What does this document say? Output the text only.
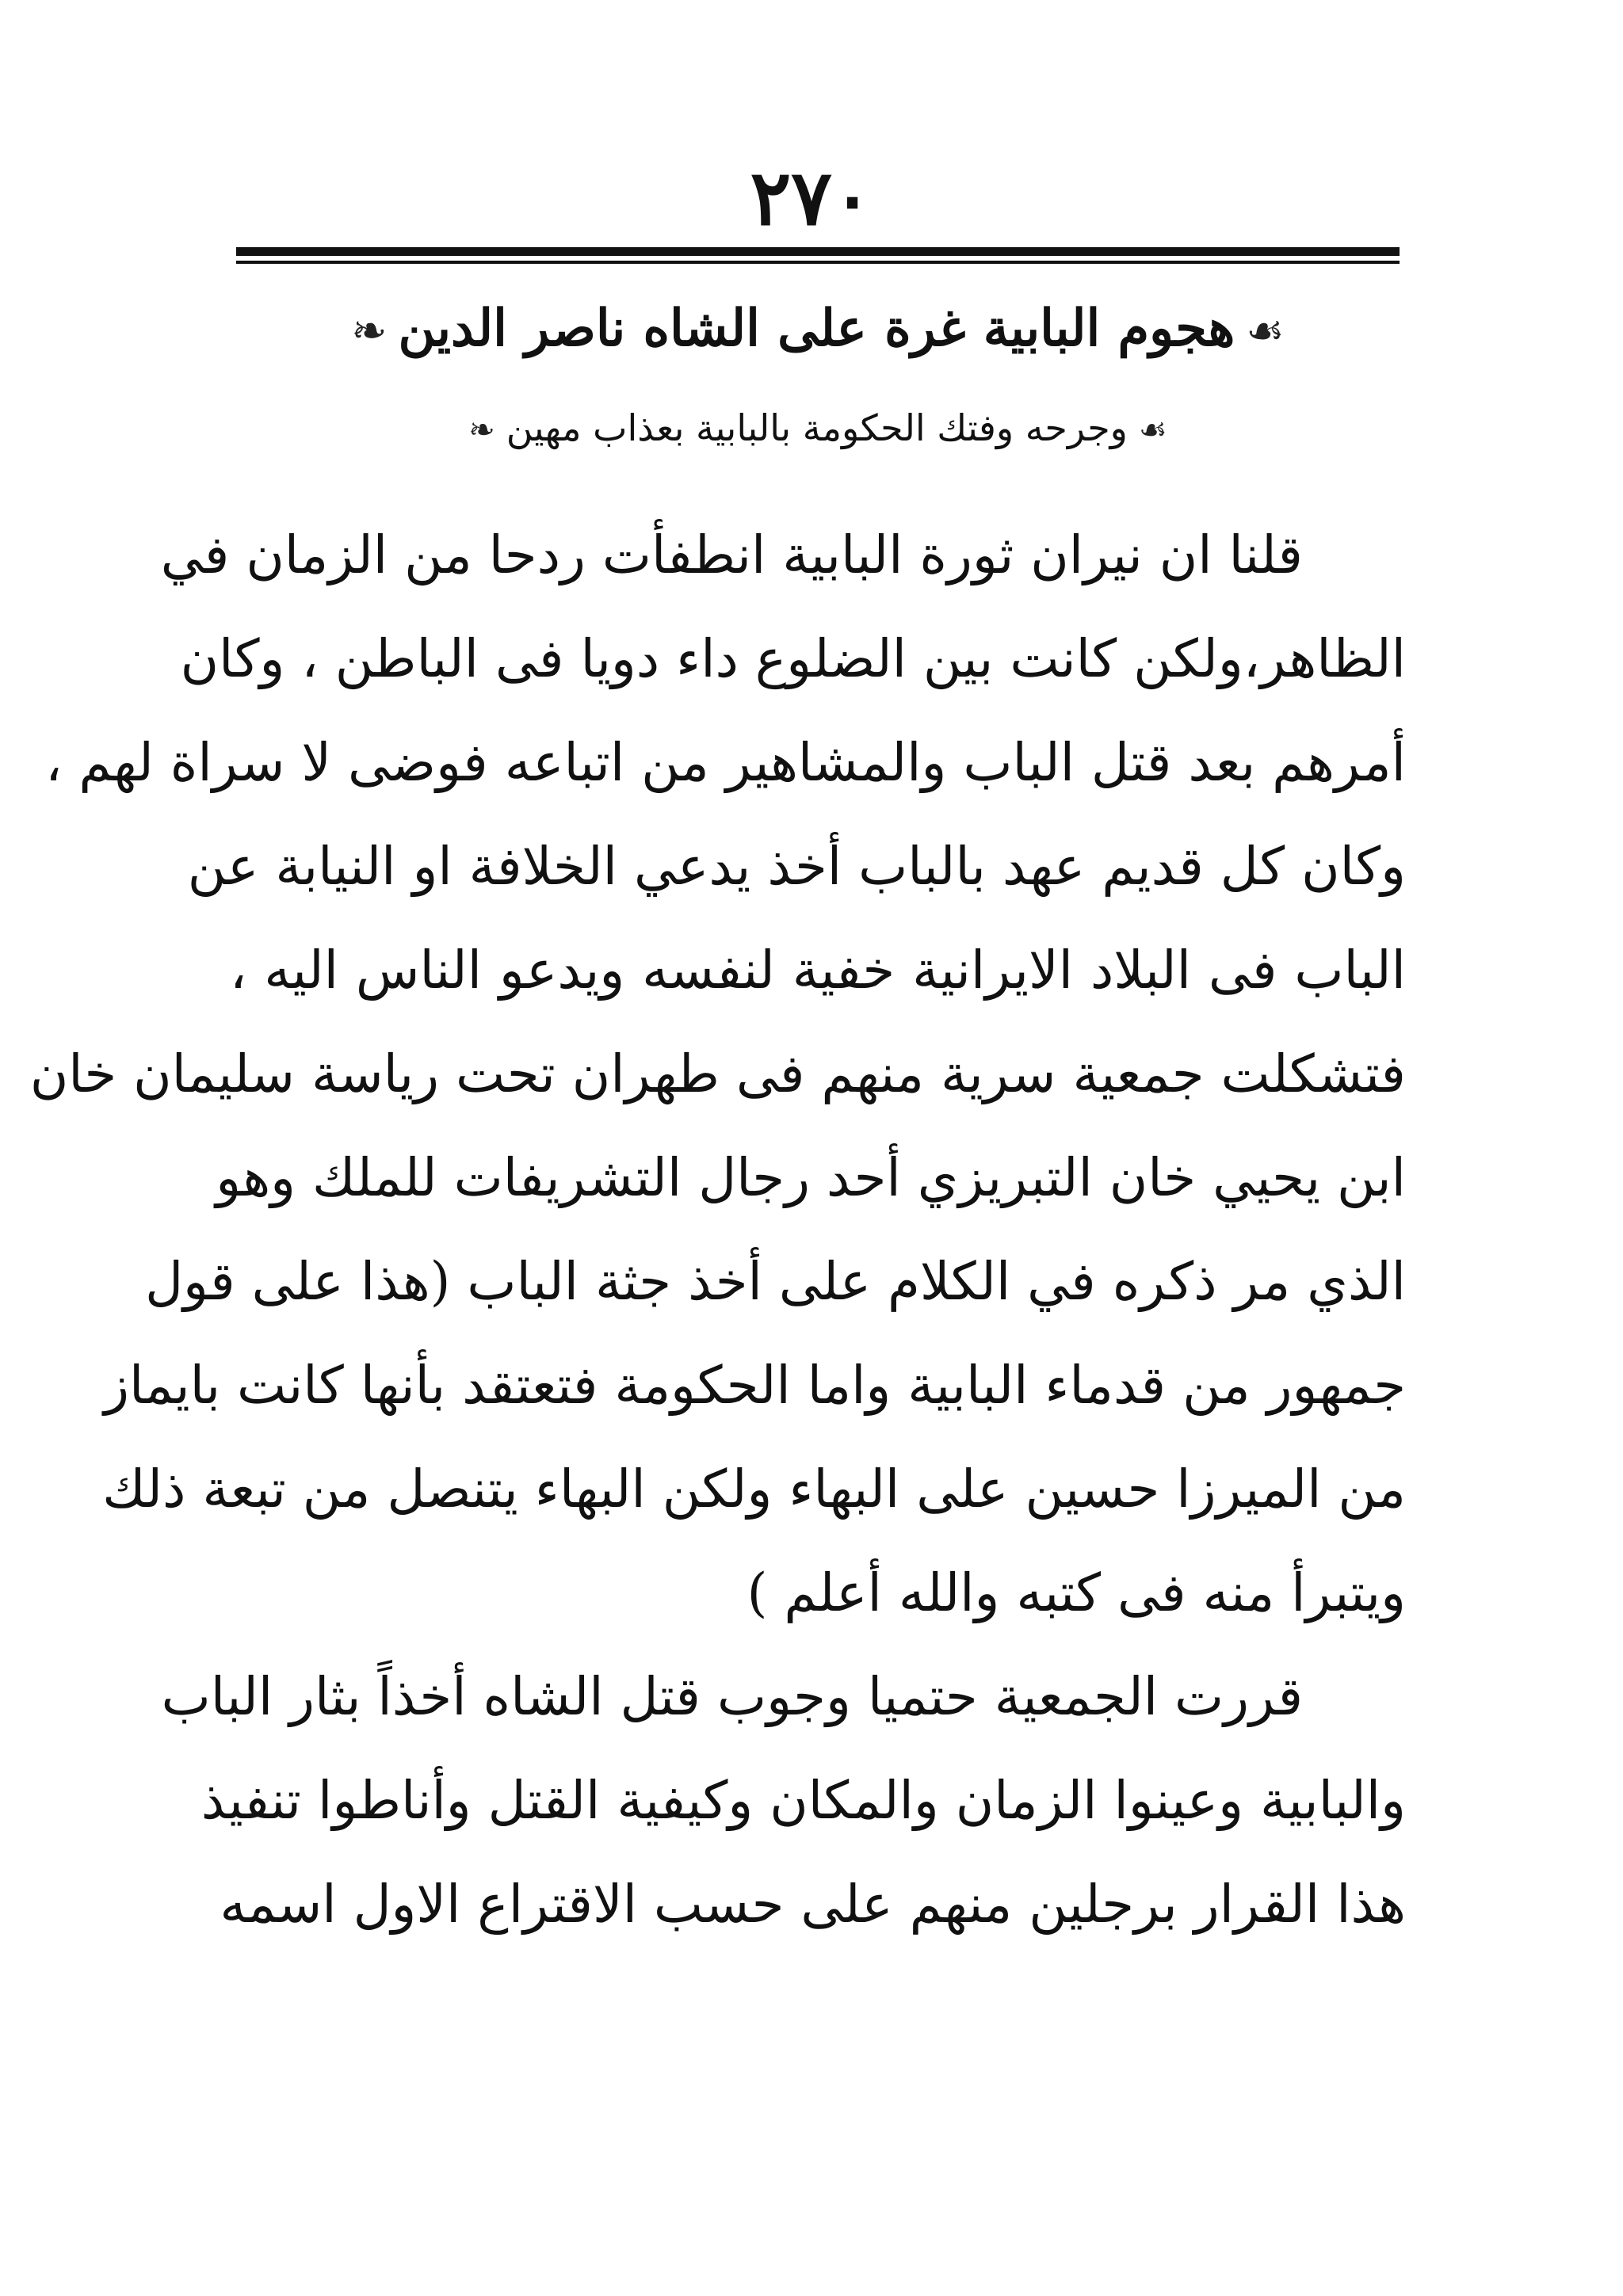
٢٧٠
☙هجوم البابية غرة على الشاه ناصر الدين❧
☙وجرحه وفتك الحكومة بالبابية بعذاب مهين❧
قلنا ان نيران ثورة البابية انطفأت ردحا من الزمان في
الظاهر،ولكن كانت بين الضلوع داء دويا فى الباطن ، وكان
أمرهم بعد قتل الباب والمشاهير من اتباعه فوضى لا سراة لهم ،
وكان كل قديم عهد بالباب أخذ يدعي الخلافة او النيابة عن
الباب فى البلاد الايرانية خفية لنفسه ويدعو الناس اليه ،
فتشكلت جمعية سرية منهم فى طهران تحت رياسة سليمان خان
ابن يحيي خان التبريزي أحد رجال التشريفات للملك وهو
الذي مر ذكره في الكلام على أخذ جثة الباب (هذا على قول
جمهور من قدماء البابية واما الحكومة فتعتقد بأنها كانت بايماز
من الميرزا حسين على البهاء ولكن البهاء يتنصل من تبعة ذلك
ويتبرأ منه فى كتبه والله أعلم )
قررت الجمعية حتميا وجوب قتل الشاه أخذاً بثار الباب
والبابية وعينوا الزمان والمكان وكيفية القتل وأناطوا تنفيذ
هذا القرار برجلين منهم على حسب الاقتراع الاول اسمه
